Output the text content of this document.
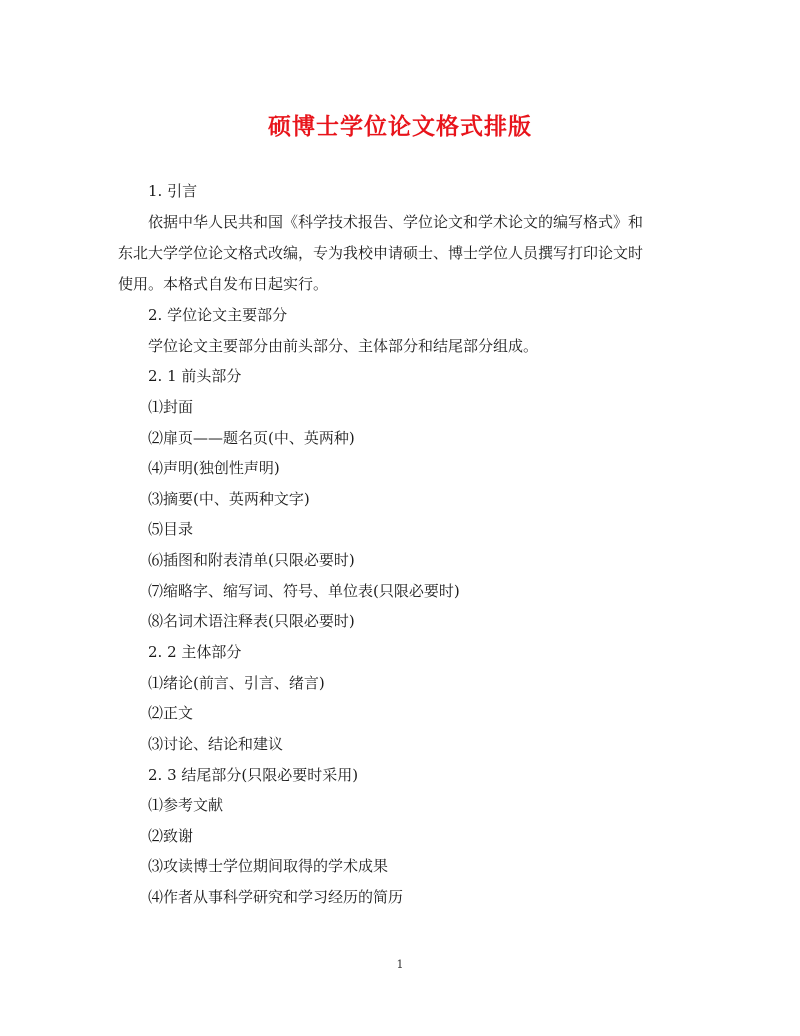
硕博士学位论文格式排版
1. 引言
依据中华人民共和国《科学技术报告、学位论文和学术论文的编写格式》和
东北大学学位论文格式改编，专为我校申请硕士、博士学位人员撰写打印论文时
使用。本格式自发布日起实行。
2. 学位论文主要部分
学位论文主要部分由前头部分、主体部分和结尾部分组成。
2. 1 前头部分
⑴封面
⑵扉页——题名页(中、英两种)
⑷声明(独创性声明)
⑶摘要(中、英两种文字)
⑸目录
⑹插图和附表清单(只限必要时)
⑺缩略字、缩写词、符号、单位表(只限必要时)
⑻名词术语注释表(只限必要时)
2. 2 主体部分
⑴绪论(前言、引言、绪言)
⑵正文
⑶讨论、结论和建议
2. 3 结尾部分(只限必要时采用)
⑴参考文献
⑵致谢
⑶攻读博士学位期间取得的学术成果
⑷作者从事科学研究和学习经历的简历
1
